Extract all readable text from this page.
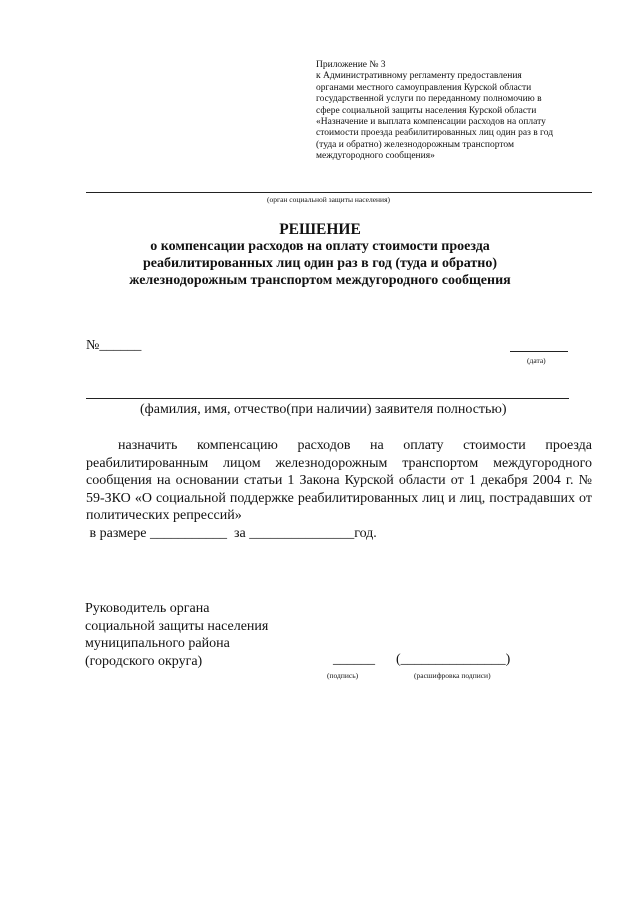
Приложение № 3
к Административному регламенту предоставления
органами местного самоуправления Курской области
государственной услуги по переданному полномочию в
сфере социальной защиты населения Курской области
«Назначение и выплата компенсации расходов на оплату
стоимости проезда реабилитированных лиц один раз в год
(туда и обратно) железнодорожным транспортом
междугородного сообщения»
(орган социальной защиты населения)
РЕШЕНИЕ
о компенсации расходов на оплату стоимости проезда
реабилитированных лиц один раз в год (туда и обратно)
железнодорожным транспортом междугородного сообщения
№______
(дата)
(фамилия, имя, отчество(при наличии) заявителя полностью)

назначить компенсацию расходов на оплату стоимости проезда реабилитированным лицом железнодорожным транспортом междугородного сообщения на основании статьи 1 Закона Курской области от 1 декабря 2004 г. № 59-ЗКО «О социальной поддержке реабилитированных лиц и лиц, пострадавших от политических репрессий»

в размере ___________  за _______________год.

Руководитель органа
социальной защиты населения
муниципального района
(городского округа)	______ (_______________)
(подпись)	(расшифровка подписи)
